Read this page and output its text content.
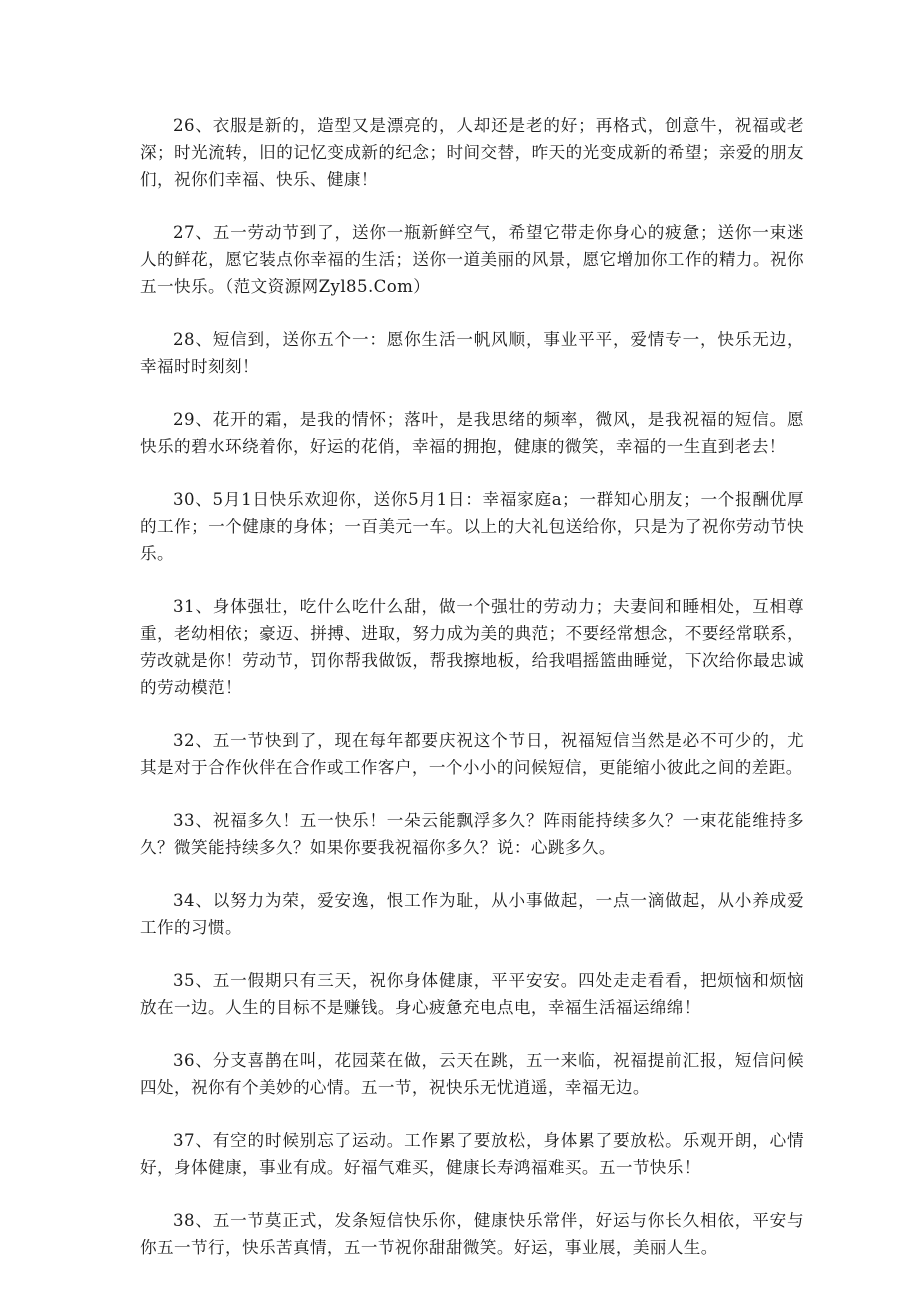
26、衣服是新的，造型又是漂亮的，人却还是老的好；再格式，创意牛，祝福或老深；时光流转，旧的记忆变成新的纪念；时间交替，昨天的光变成新的希望；亲爱的朋友们，祝你们幸福、快乐、健康！

27、五一劳动节到了，送你一瓶新鲜空气，希望它带走你身心的疲惫；送你一束迷人的鲜花，愿它装点你幸福的生活；送你一道美丽的风景，愿它增加你工作的精力。祝你五一快乐。（范文资源网Zyl85.Com）

28、短信到，送你五个一：愿你生活一帆风顺，事业平平，爱情专一，快乐无边，幸福时时刻刻！

29、花开的霜，是我的情怀；落叶，是我思绪的频率，微风，是我祝福的短信。愿快乐的碧水环绕着你，好运的花俏，幸福的拥抱，健康的微笑，幸福的一生直到老去！

30、5月1日快乐欢迎你，送你5月1日：幸福家庭a；一群知心朋友；一个报酬优厚的工作；一个健康的身体；一百美元一车。以上的大礼包送给你，只是为了祝你劳动节快乐。

31、身体强壮，吃什么吃什么甜，做一个强壮的劳动力；夫妻间和睡相处，互相尊重，老幼相依；豪迈、拼搏、进取，努力成为美的典范；不要经常想念，不要经常联系，劳改就是你！劳动节，罚你帮我做饭，帮我擦地板，给我唱摇篮曲睡觉，下次给你最忠诚的劳动模范！

32、五一节快到了，现在每年都要庆祝这个节日，祝福短信当然是必不可少的，尤其是对于合作伙伴在合作或工作客户，一个小小的问候短信，更能缩小彼此之间的差距。

33、祝福多久！五一快乐！一朵云能飘浮多久？阵雨能持续多久？一束花能维持多久？微笑能持续多久？如果你要我祝福你多久？说：心跳多久。

34、以努力为荣，爱安逸，恨工作为耻，从小事做起，一点一滴做起，从小养成爱工作的习惯。

35、五一假期只有三天，祝你身体健康，平平安安。四处走走看看，把烦恼和烦恼放在一边。人生的目标不是赚钱。身心疲惫充电点电，幸福生活福运绵绵！

36、分支喜鹊在叫，花园菜在做，云天在跳，五一来临，祝福提前汇报，短信问候四处，祝你有个美妙的心情。五一节，祝快乐无忧逍遥，幸福无边。

37、有空的时候别忘了运动。工作累了要放松，身体累了要放松。乐观开朗，心情好，身体健康，事业有成。好福气难买，健康长寿鸿福难买。五一节快乐！

38、五一节莫正式，发条短信快乐你，健康快乐常伴，好运与你长久相依，平安与你五一节行，快乐苦真情，五一节祝你甜甜微笑。好运，事业展，美丽人生。
